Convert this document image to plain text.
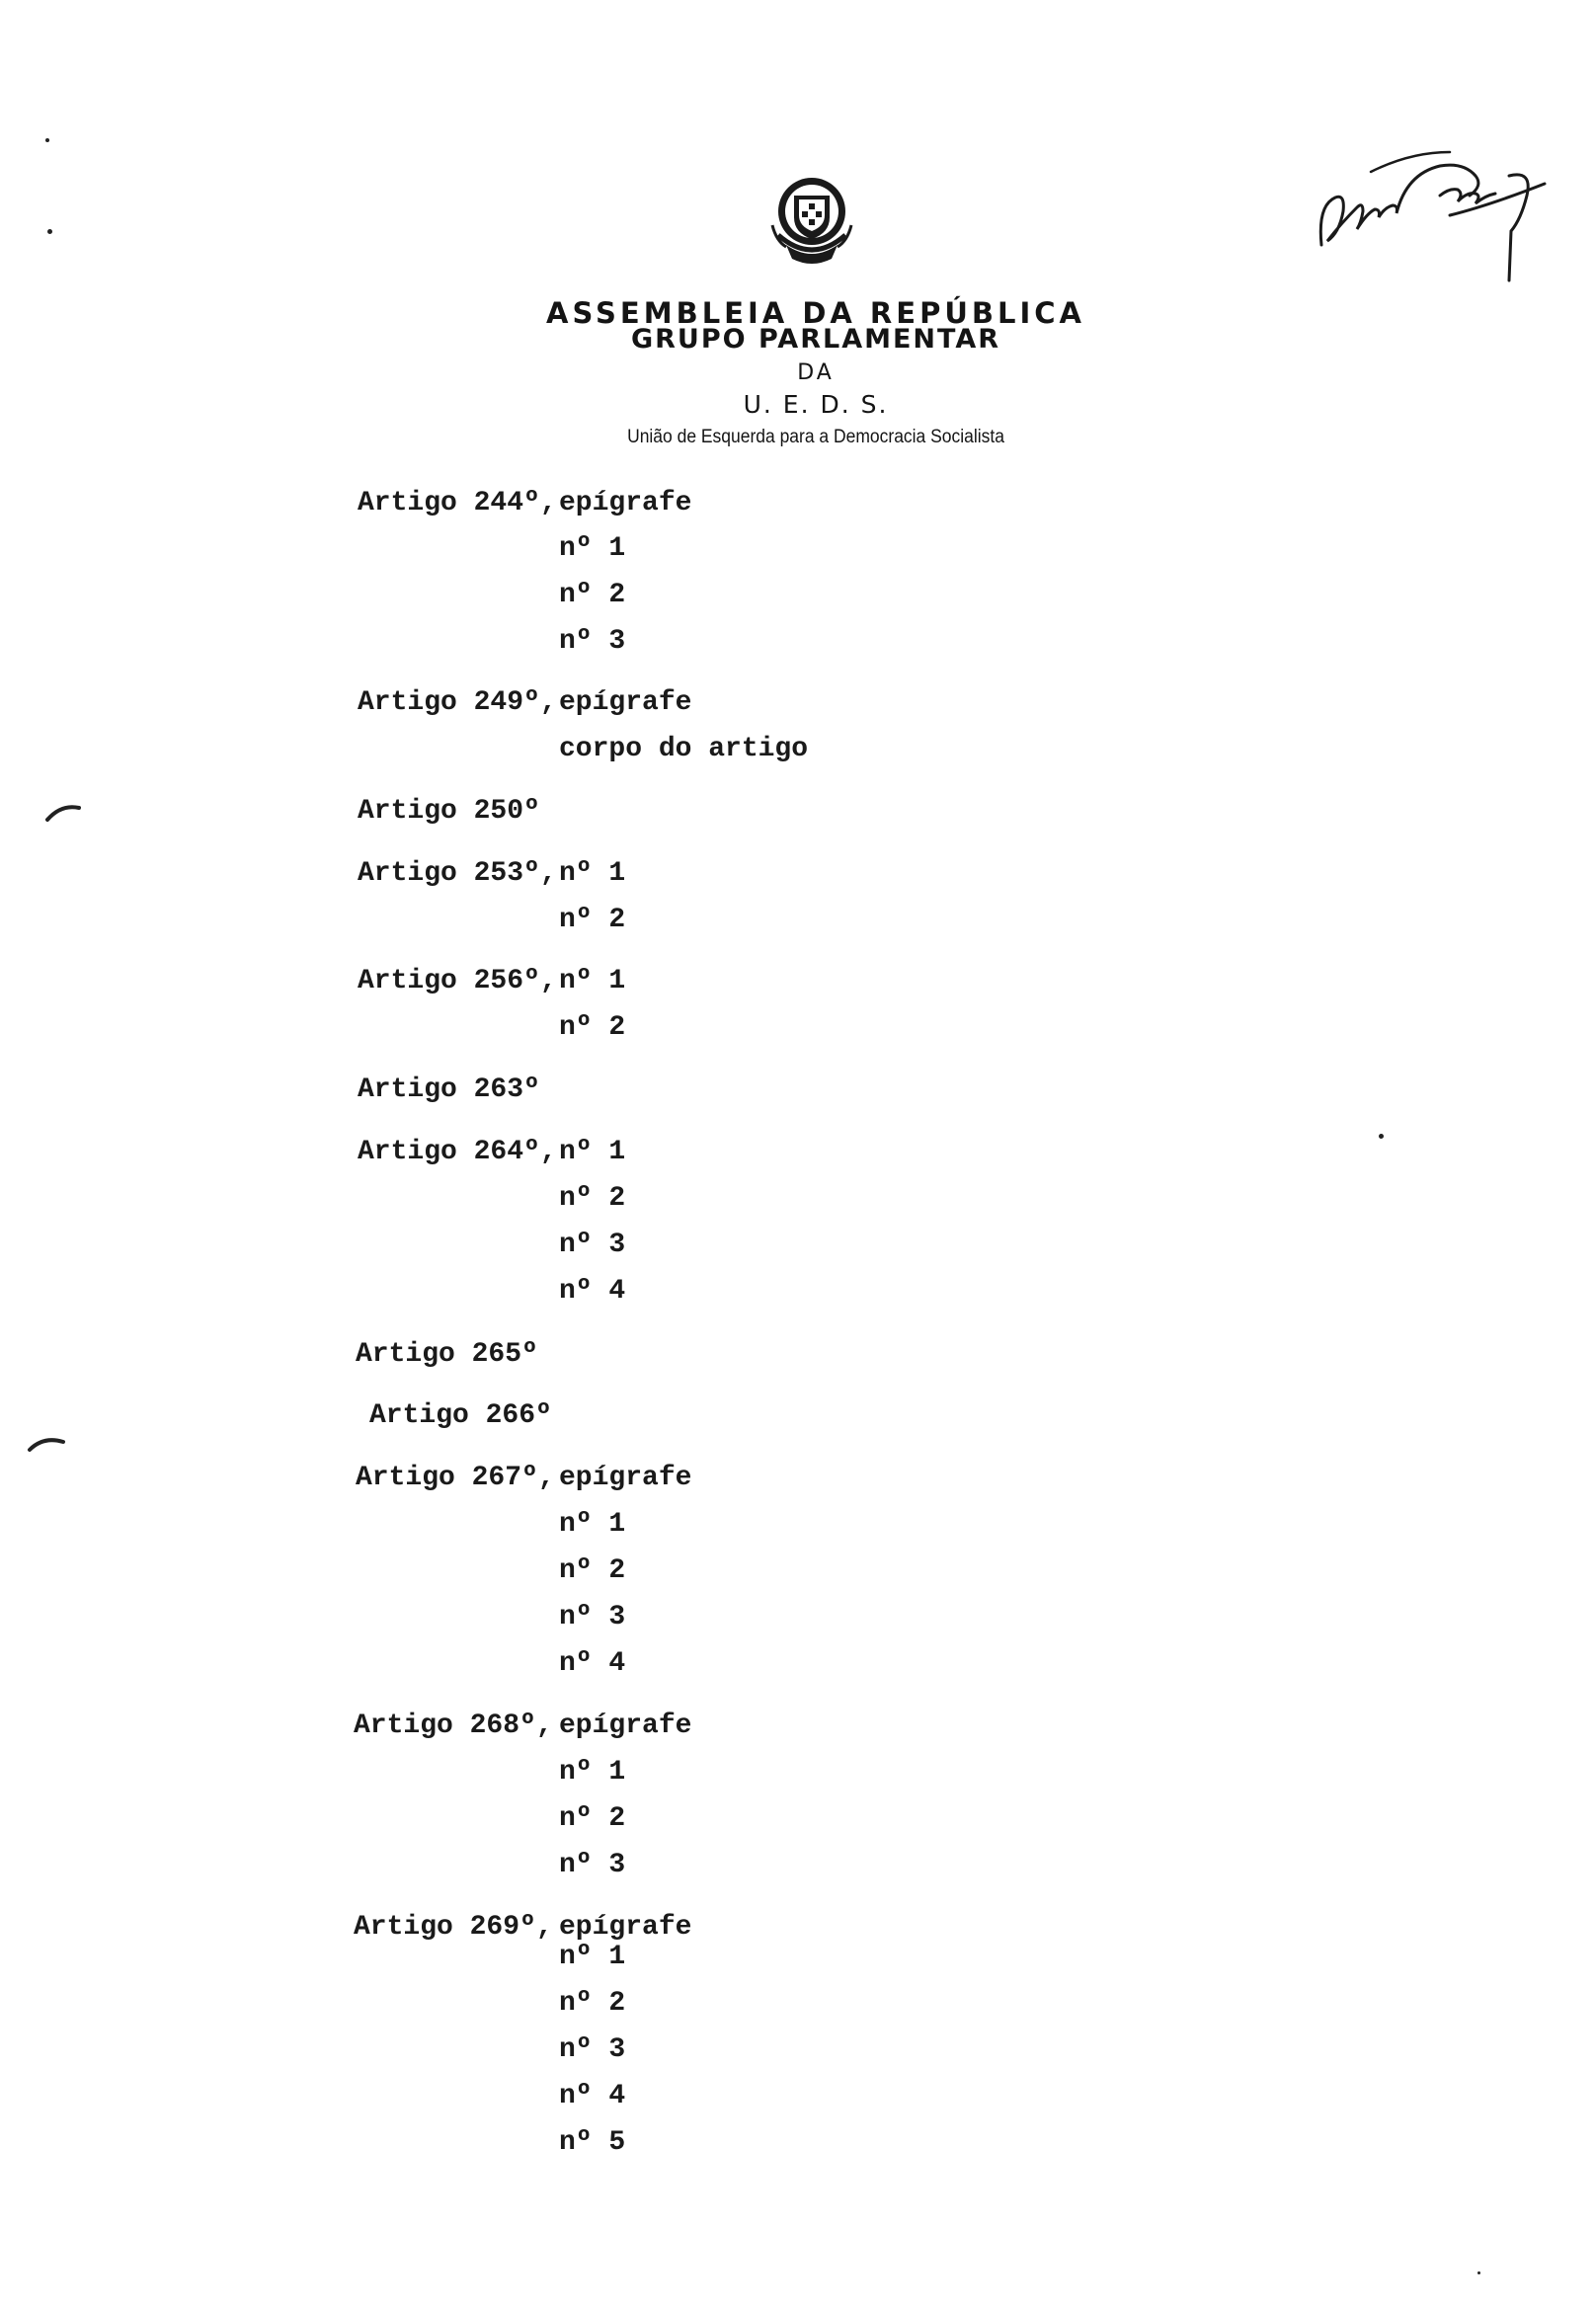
ASSEMBLEIA DA REPÚBLICA
GRUPO PARLAMENTAR
DA
U. E. D. S.
União de Esquerda para a Democracia Socialista
Artigo 244º, epígrafe
nº 1
nº 2
nº 3
Artigo 249º, epígrafe
corpo do artigo
Artigo 250º
Artigo 253º, nº 1
nº 2
Artigo 256º, nº 1
nº 2
Artigo 263º
Artigo 264º, nº 1
nº 2
nº 3
nº 4
Artigo 265º
Artigo 266º
Artigo 267º, epígrafe
nº 1
nº 2
nº 3
nº 4
Artigo 268º, epígrafe
nº 1
nº 2
nº 3
Artigo 269º, epígrafe
nº 1
nº 2
nº 3
nº 4
nº 5
